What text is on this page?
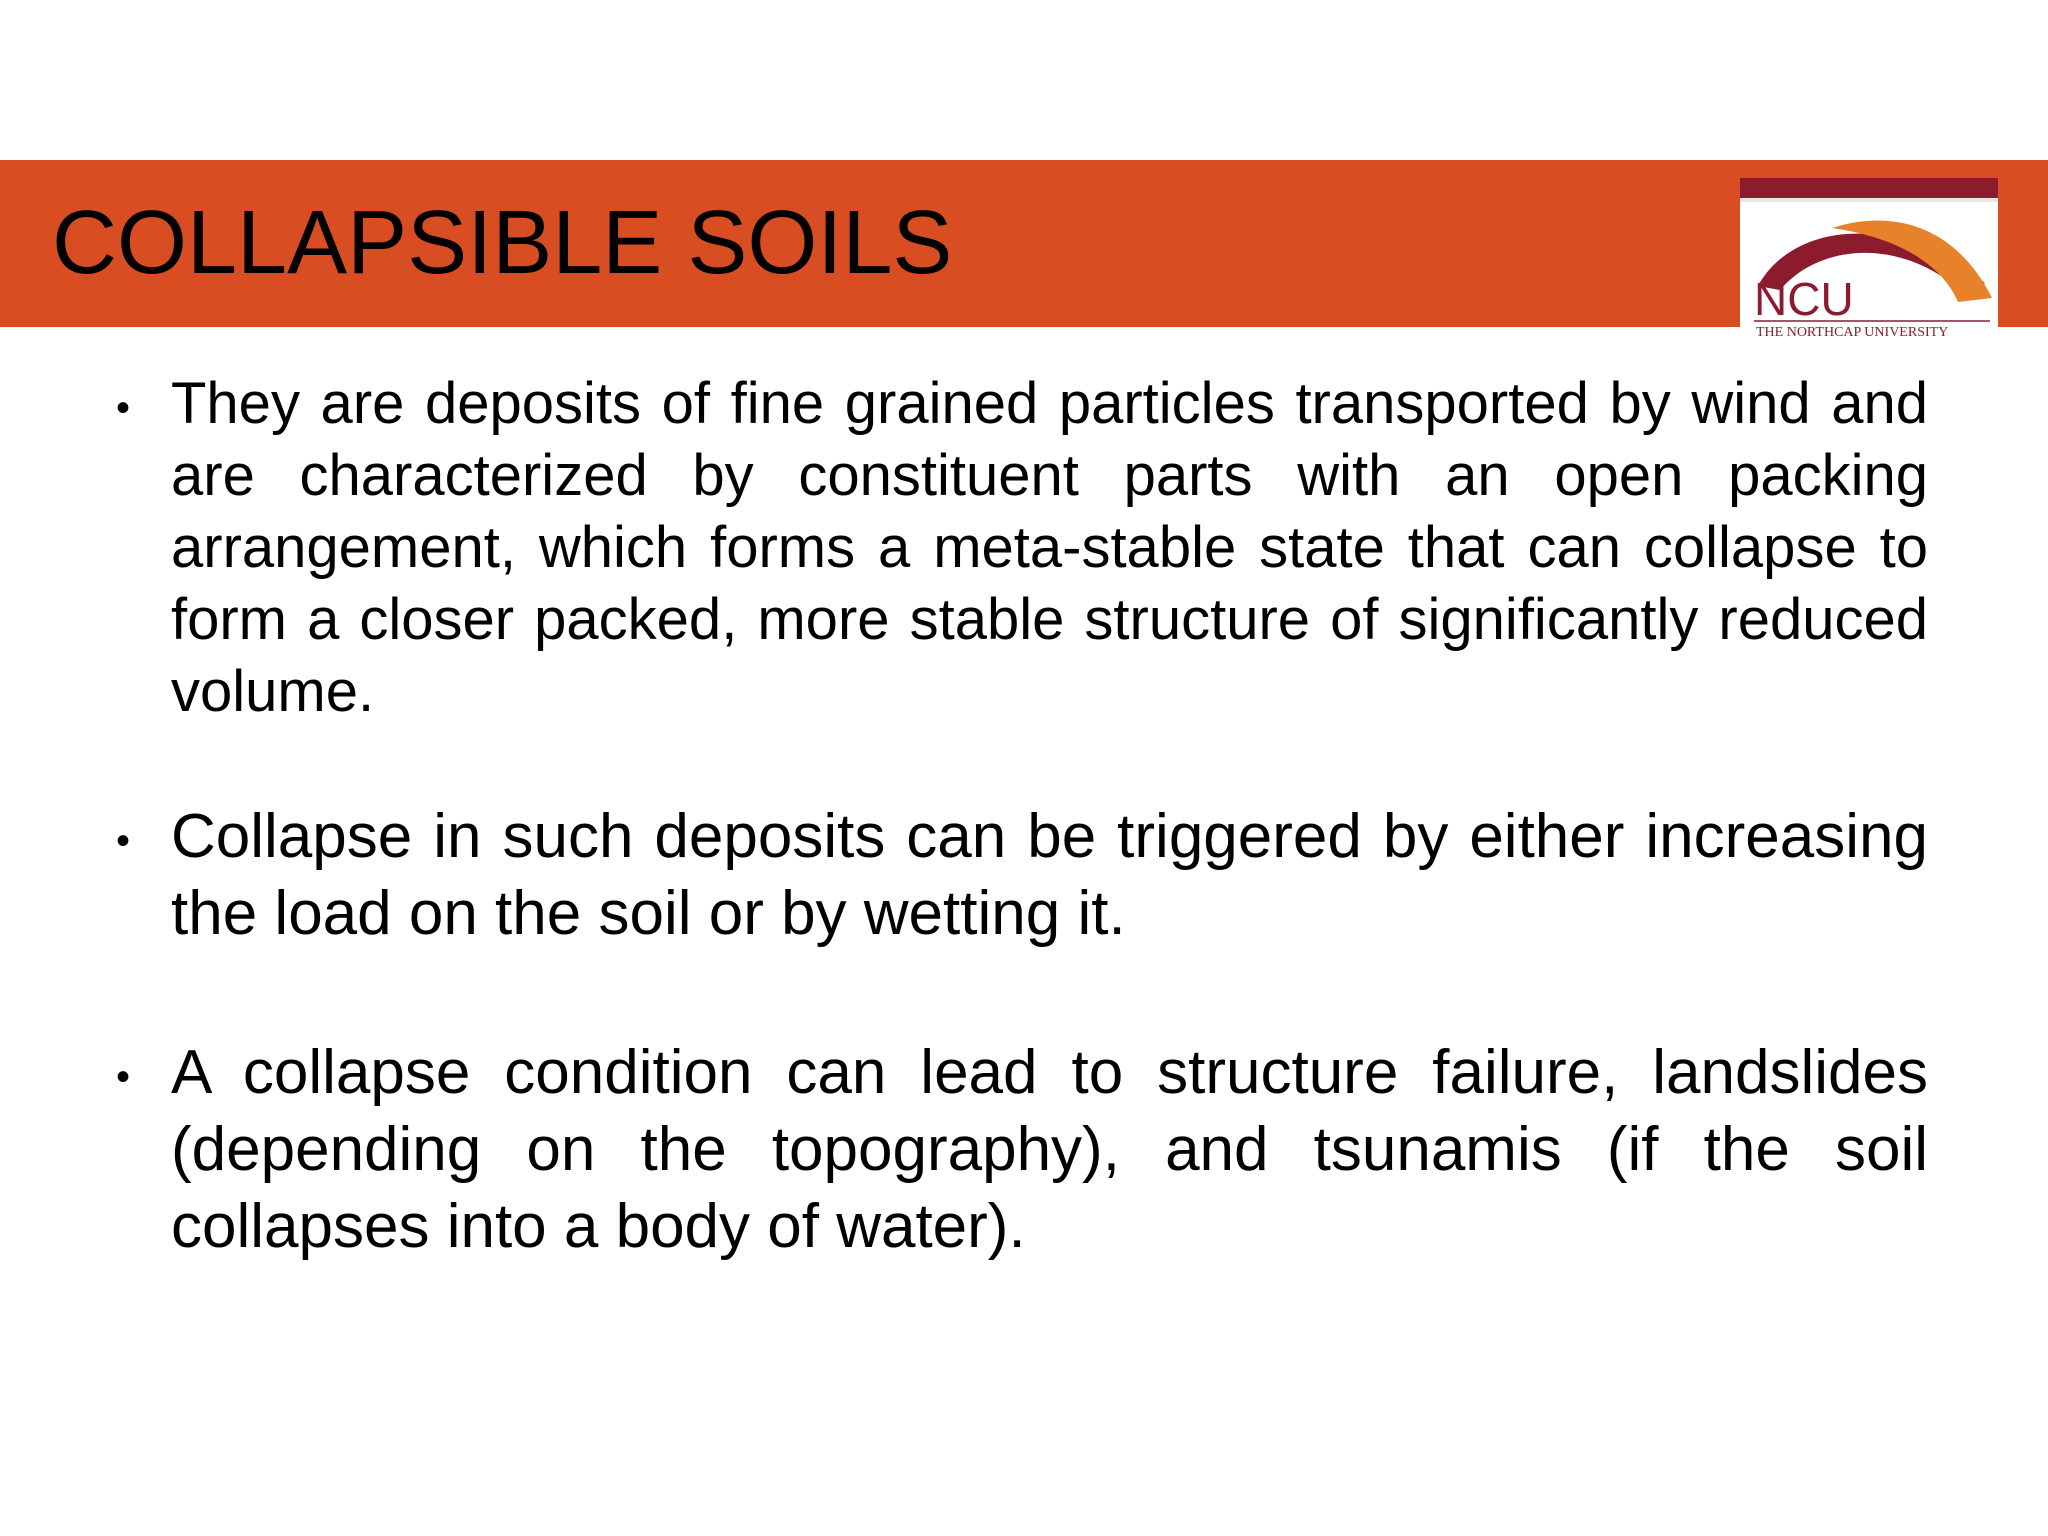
COLLAPSIBLE SOILS
NCU
THE NORTHCAP UNIVERSITY
• They are deposits of fine grained particles transported by wind and are characterized by constituent parts with an open packing arrangement, which forms a meta-stable state that can collapse to form a closer packed, more stable structure of significantly reduced volume.
• Collapse in such deposits can be triggered by either increasing the load on the soil or by wetting it.
• A collapse condition can lead to structure failure, landslides (depending on the topography), and tsunamis (if the soil collapses into a body of water).
